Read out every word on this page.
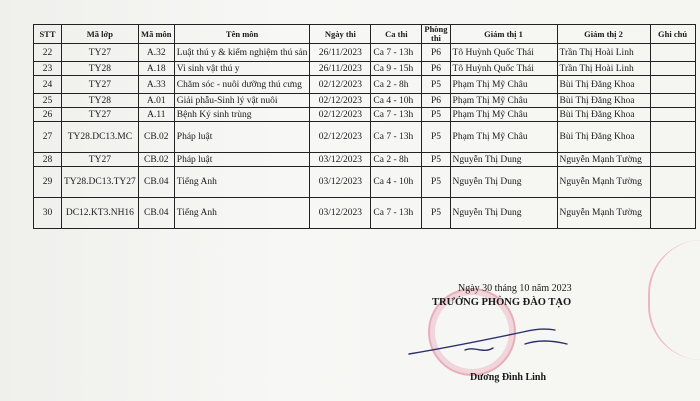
STT	Mã lớp	Mã môn	Tên môn	Ngày thi	Ca thi	Phòng thi	Giám thị 1	Giám thị 2	Ghi chú
22	TY27	A.32	Luật thú y & kiểm nghiệm thú sản	26/11/2023	Ca 7 - 13h	P6	Tô Huỳnh Quốc Thái	Trần Thị Hoài Linh	
23	TY28	A.18	Vi sinh vật thú y	26/11/2023	Ca 9 - 15h	P6	Tô Huỳnh Quốc Thái	Trần Thị Hoài Linh	
24	TY27	A.33	Chăm sóc - nuôi dưỡng thú cưng	02/12/2023	Ca 2 - 8h	P5	Phạm Thị Mỹ Châu	Bùi Thị Đăng Khoa	
25	TY28	A.01	Giải phẫu-Sinh lý vật nuôi	02/12/2023	Ca 4 - 10h	P6	Phạm Thị Mỹ Châu	Bùi Thị Đăng Khoa	
26	TY27	A.11	Bệnh Ký sinh trùng	02/12/2023	Ca 7 - 13h	P5	Phạm Thị Mỹ Châu	Bùi Thị Đăng Khoa	
27	TY28.DC13.MC	CB.02	Pháp luật	02/12/2023	Ca 7 - 13h	P5	Phạm Thị Mỹ Châu	Bùi Thị Đăng Khoa	
28	TY27	CB.02	Pháp luật	03/12/2023	Ca 2 - 8h	P5	Nguyễn Thị Dung	Nguyễn Mạnh Tường	
29	TY28.DC13.TY27	CB.04	Tiếng Anh	03/12/2023	Ca 4 - 10h	P5	Nguyễn Thị Dung	Nguyễn Mạnh Tường	
30	DC12.KT3.NH16	CB.04	Tiếng Anh	03/12/2023	Ca 7 - 13h	P5	Nguyễn Thị Dung	Nguyễn Mạnh Tường	
Ngày 30 tháng 10 năm 2023
TRƯỞNG PHÒNG ĐÀO TẠO
Dương Đình Linh
